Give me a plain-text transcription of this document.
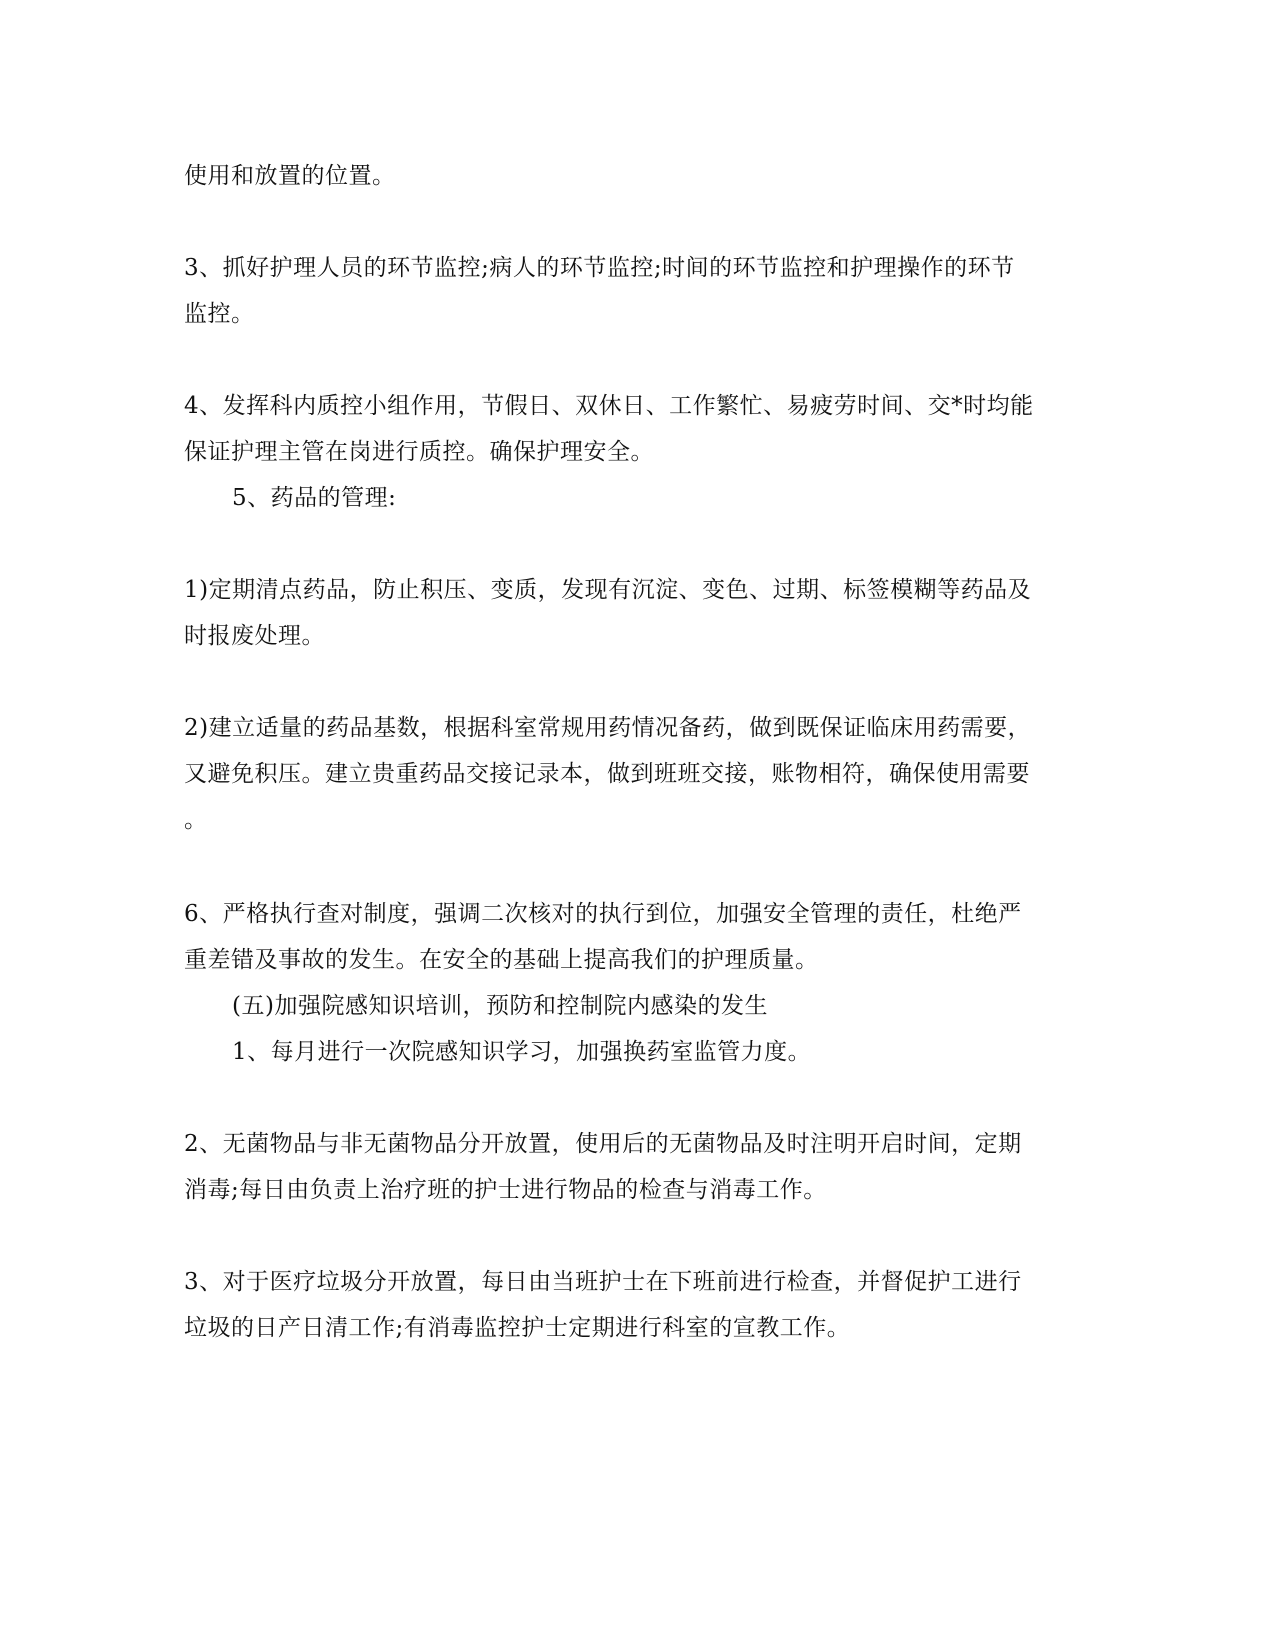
使用和放置的位置。
3、抓好护理人员的环节监控;病人的环节监控;时间的环节监控和护理操作的环节
监控。
4、发挥科内质控小组作用，节假日、双休日、工作繁忙、易疲劳时间、交*时均能
保证护理主管在岗进行质控。确保护理安全。
5、药品的管理:
1)定期清点药品，防止积压、变质，发现有沉淀、变色、过期、标签模糊等药品及
时报废处理。
2)建立适量的药品基数，根据科室常规用药情况备药，做到既保证临床用药需要，
又避免积压。建立贵重药品交接记录本，做到班班交接，账物相符，确保使用需要
。
6、严格执行查对制度，强调二次核对的执行到位，加强安全管理的责任，杜绝严
重差错及事故的发生。在安全的基础上提高我们的护理质量。
(五)加强院感知识培训，预防和控制院内感染的发生
1、每月进行一次院感知识学习，加强换药室监管力度。
2、无菌物品与非无菌物品分开放置，使用后的无菌物品及时注明开启时间，定期
消毒;每日由负责上治疗班的护士进行物品的检查与消毒工作。
3、对于医疗垃圾分开放置，每日由当班护士在下班前进行检查，并督促护工进行
垃圾的日产日清工作;有消毒监控护士定期进行科室的宣教工作。
